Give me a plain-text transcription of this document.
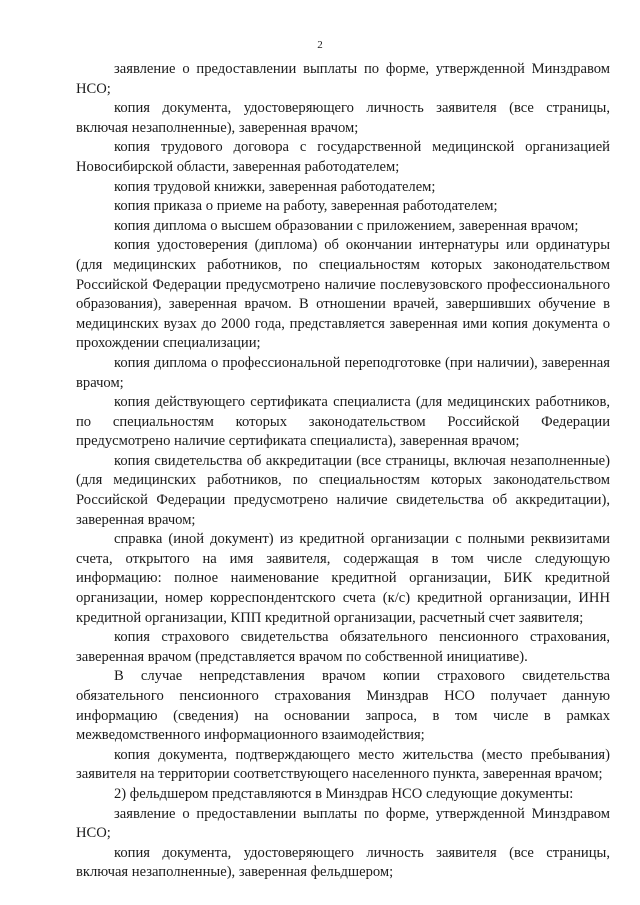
2

заявление о предоставлении выплаты по форме, утвержденной Минздравом НСО;

копия документа, удостоверяющего личность заявителя (все страницы, включая незаполненные), заверенная врачом;

копия трудового договора с государственной медицинской организацией Новосибирской области, заверенная работодателем;

копия трудовой книжки, заверенная работодателем;

копия приказа о приеме на работу, заверенная работодателем;

копия диплома о высшем образовании с приложением, заверенная врачом;

копия удостоверения (диплома) об окончании интернатуры или ординатуры (для медицинских работников, по специальностям которых законодательством Российской Федерации предусмотрено наличие послевузовского профессионального образования), заверенная врачом. В отношении врачей, завершивших обучение в медицинских вузах до 2000 года, представляется заверенная ими копия документа о прохождении специализации;

копия диплома о профессиональной переподготовке (при наличии), заверенная врачом;

копия действующего сертификата специалиста (для медицинских работников, по специальностям которых законодательством Российской Федерации предусмотрено наличие сертификата специалиста), заверенная врачом;

копия свидетельства об аккредитации (все страницы, включая незаполненные) (для медицинских работников, по специальностям которых законодательством Российской Федерации предусмотрено наличие свидетельства об аккредитации), заверенная врачом;

справка (иной документ) из кредитной организации с полными реквизитами счета, открытого на имя заявителя, содержащая в том числе следующую информацию: полное наименование кредитной организации, БИК кредитной организации, номер корреспондентского счета (к/с) кредитной организации, ИНН кредитной организации, КПП кредитной организации, расчетный счет заявителя;

копия страхового свидетельства обязательного пенсионного страхования, заверенная врачом (представляется врачом по собственной инициативе).

В случае непредставления врачом копии страхового свидетельства обязательного пенсионного страхования Минздрав НСО получает данную информацию (сведения) на основании запроса, в том числе в рамках межведомственного информационного взаимодействия;

копия документа, подтверждающего место жительства (место пребывания) заявителя на территории соответствующего населенного пункта, заверенная врачом;

2) фельдшером представляются в Минздрав НСО следующие документы:

заявление о предоставлении выплаты по форме, утвержденной Минздравом НСО;

копия документа, удостоверяющего личность заявителя (все страницы, включая незаполненные), заверенная фельдшером;
